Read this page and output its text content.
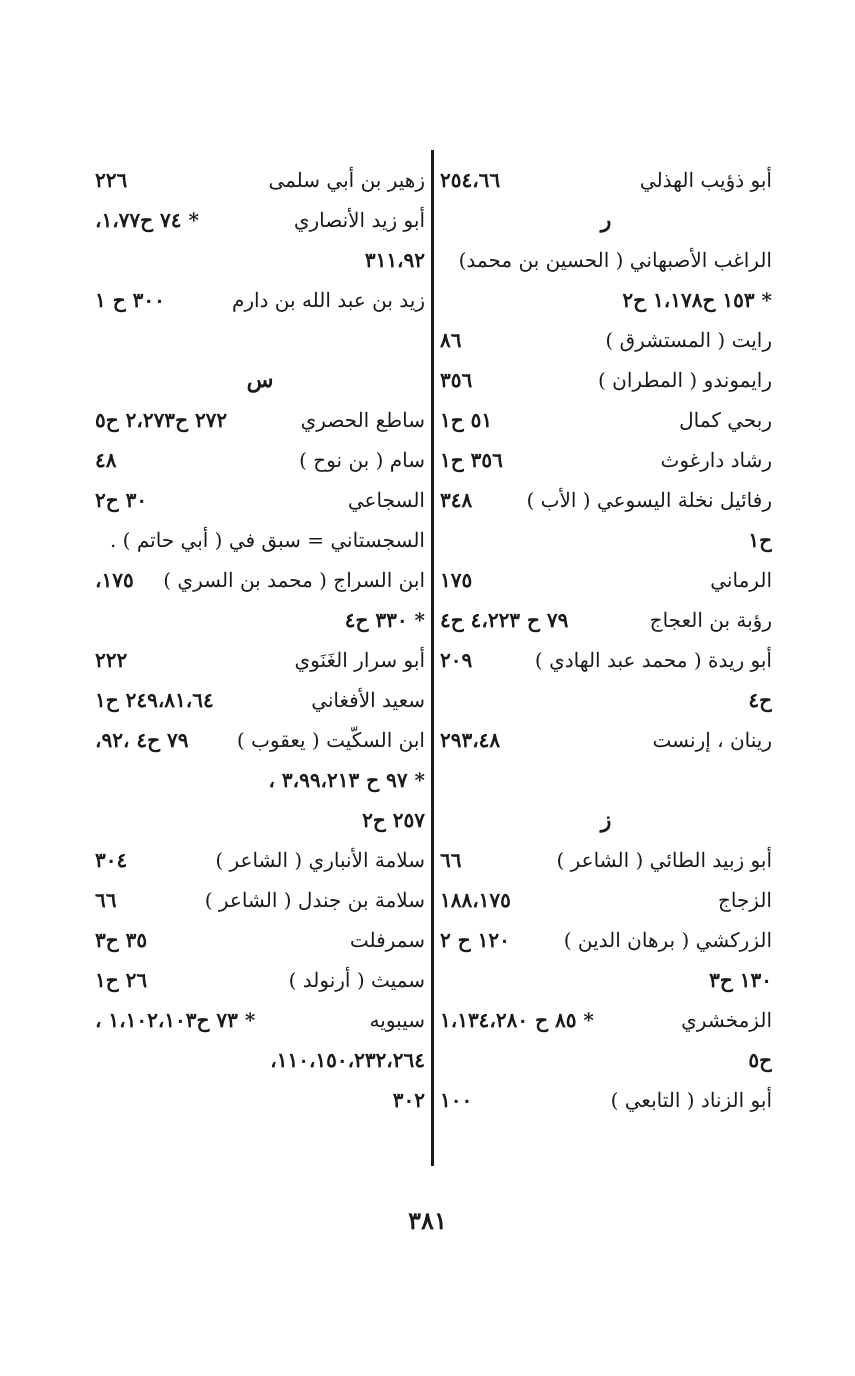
أبو ذؤيب الهذلي
٢٥٤،٦٦
ر
الراغب الأصبهاني ( الحسين بن محمد)
* ١٥٣ ح١،١٧٨ ح٢
رايت ( المستشرق )
٨٦
رايموندو ( المطران )
٣٥٦
ربحي كمال
٥١ ح١
رشاد دارغوث
٣٥٦ ح١
رفائيل نخلة اليسوعي ( الأب )
٣٤٨
ح١
الرماني
١٧٥
رؤبة بن العجاج
٧٩ ح ٤،٢٢٣ ح٤
أبو ريدة ( محمد عبد الهادي )
٢٠٩
ح٤
رينان ، إرنست
٢٩٣،٤٨
ز
أبو زبيد الطائي ( الشاعر )
٦٦
الزجاج
١٨٨،١٧٥
الزركشي ( برهان الدين )
١٢٠ ح ٢
١٣٠ ح٣
الزمخشري
* ٨٥ ح ١،١٣٤،٢٨٠
ح٥
أبو الزناد ( التابعي )
١٠٠
زهير بن أبي سلمى
٢٢٦
أبو زيد الأنصاري
* ٧٤ ح١،٧٧،
٣١١،٩٢
زيد بن عبد الله بن دارم
٣٠٠ ح ١
س
ساطع الحصري
٢٧٢ ح٢،٢٧٣ ح٥
سام ( بن نوح )
٤٨
السجاعي
٣٠ ح٢
السجستاني = سبق في ( أبي حاتم ) .
ابن السراج ( محمد بن السري )
١٧٥،
* ٣٣٠ ح٤
أبو سرار الغَنَوي
٢٢٢
سعيد الأفغاني
٢٤٩،٨١،٦٤ ح١
ابن السكّيت ( يعقوب )
٧٩ ح٤ ،٩٢،
* ٩٧ ح ٣،٩٩،٢١٣ ،
٢٥٧ ح٢
سلامة الأنباري ( الشاعر )
٣٠٤
سلامة بن جندل ( الشاعر )
٦٦
سمرفلت
٣٥ ح٣
سميث ( أرنولد )
٢٦ ح١
سيبويه
* ٧٣ ح١،١٠٢،١٠٣ ،
١١٠،١٥٠،٢٣٢،٢٦٤،
٣٠٢
٣٨١
